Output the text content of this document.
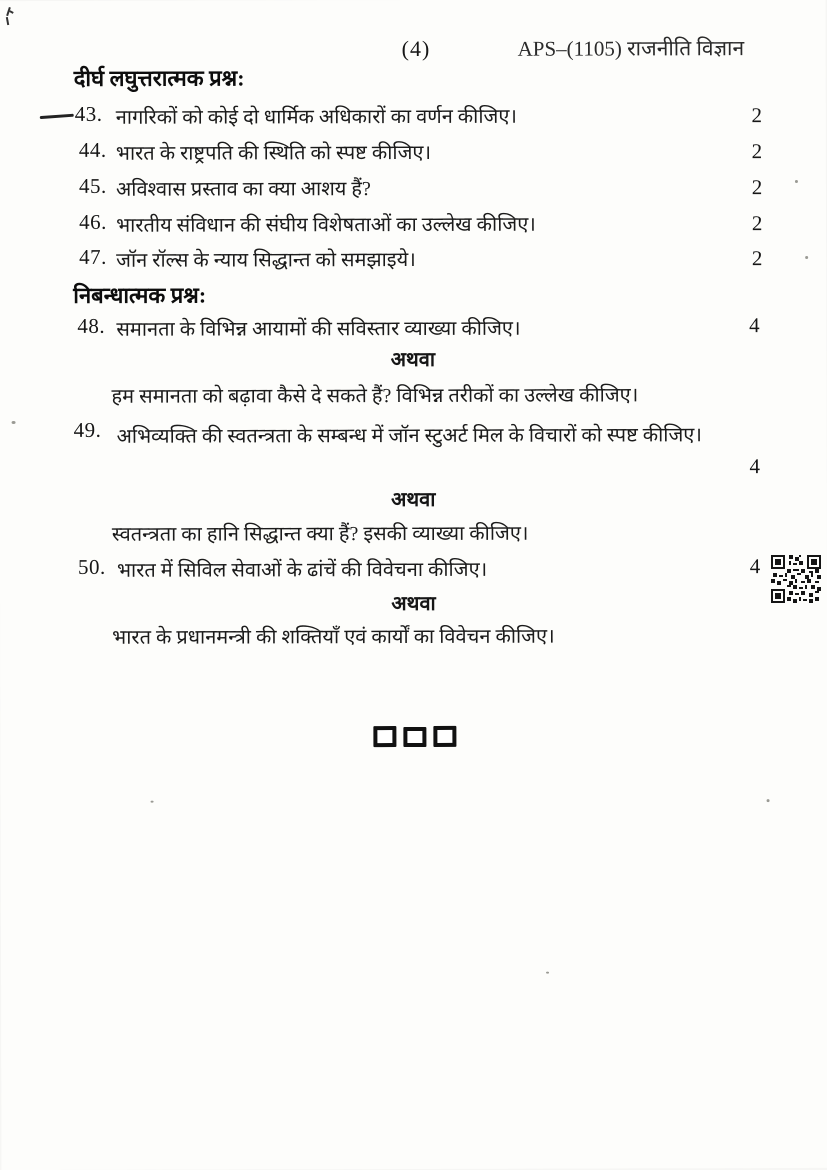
(4)	APS–(1105) राजनीति विज्ञान
दीर्घ लघुत्तरात्मक प्रश्न:
43. नागरिकों को कोई दो धार्मिक अधिकारों का वर्णन कीजिए।	2
44. भारत के राष्ट्रपति की स्थिति को स्पष्ट कीजिए।	2
45. अविश्वास प्रस्ताव का क्या आशय हैं?	2
46. भारतीय संविधान की संघीय विशेषताओं का उल्लेख कीजिए।	2
47. जॉन रॉल्स के न्याय सिद्धान्त को समझाइये।	2
निबन्धात्मक प्रश्न:
48. समानता के विभिन्न आयामों की सविस्तार व्याख्या कीजिए।	4
अथवा
हम समानता को बढ़ावा कैसे दे सकते हैं? विभिन्न तरीकों का उल्लेख कीजिए।
49. अभिव्यक्ति की स्वतन्त्रता के सम्बन्ध में जॉन स्टुअर्ट मिल के विचारों को स्पष्ट कीजिए।
4
अथवा
स्वतन्त्रता का हानि सिद्धान्त क्या हैं? इसकी व्याख्या कीजिए।
50. भारत में सिविल सेवाओं के ढांचें की विवेचना कीजिए।	4
अथवा
भारत के प्रधानमन्त्री की शक्तियाँ एवं कार्यों का विवेचन कीजिए।
